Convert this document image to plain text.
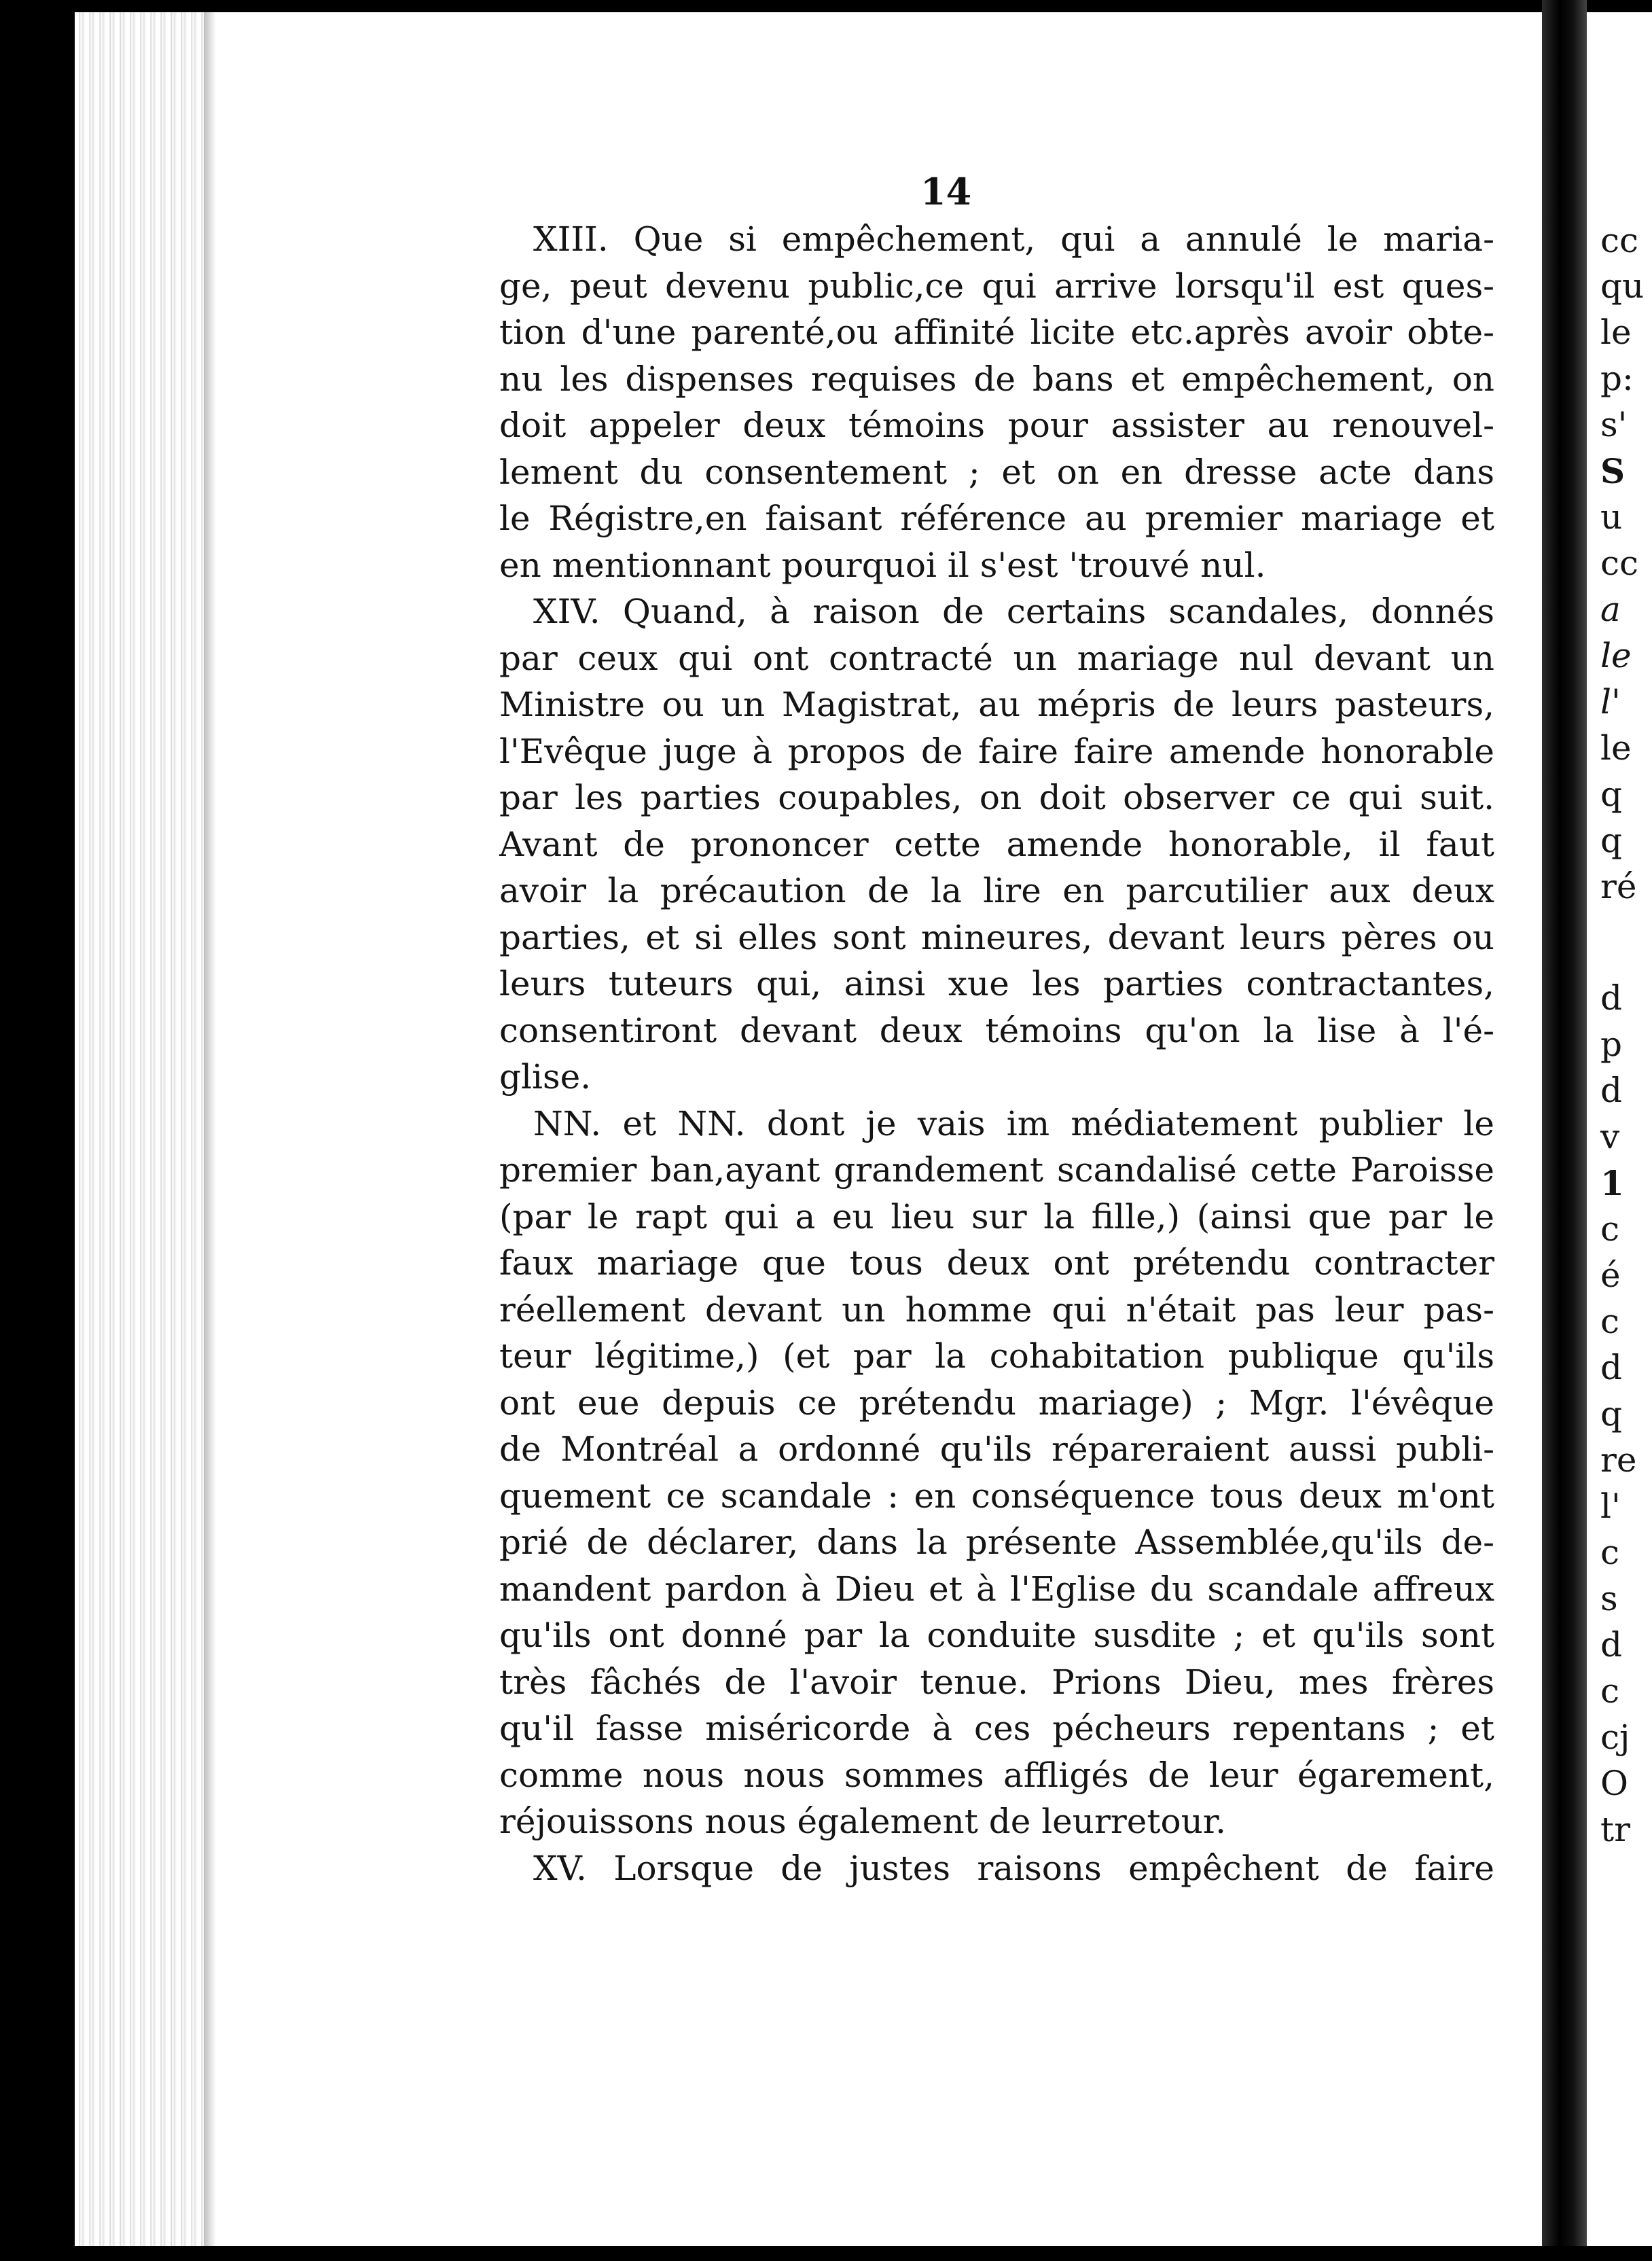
14
XIII. Que si empêchement, qui a annulé le maria-
ge, peut devenu public,ce qui arrive lorsqu'il est ques-
tion d'une parenté,ou affinité licite etc.après avoir obte-
nu les dispenses requises de bans et empêchement, on
doit appeler deux témoins pour assister au renouvel-
lement du consentement ; et on en dresse acte dans
le Régistre,en faisant référence au premier mariage et
en mentionnant pourquoi il s'est 'trouvé nul.
XIV. Quand, à raison de certains scandales, donnés
par ceux qui ont contracté un mariage nul devant un
Ministre ou un Magistrat, au mépris de leurs pasteurs,
l'Evêque juge à propos de faire faire amende honorable
par les parties coupables, on doit observer ce qui suit.
Avant de prononcer cette amende honorable, il faut
avoir la précaution de la lire en parcutilier aux deux
parties, et si elles sont mineures, devant leurs pères ou
leurs tuteurs qui, ainsi xue les parties contractantes,
consentiront devant deux témoins qu'on la lise à l'é-
glise.
NN. et NN. dont je vais im médiatement publier le
premier ban,ayant grandement scandalisé cette Paroisse
(par le rapt qui a eu lieu sur la fille,) (ainsi que par le
faux mariage que tous deux ont prétendu contracter
réellement devant un homme qui n'était pas leur pas-
teur légitime,) (et par la cohabitation publique qu'ils
ont eue depuis ce prétendu mariage) ; Mgr. l'évêque
de Montréal a ordonné qu'ils répareraient aussi publi-
quement ce scandale : en conséquence tous deux m'ont
prié de déclarer, dans la présente Assemblée,qu'ils de-
mandent pardon à Dieu et à l'Eglise du scandale affreux
qu'ils ont donné par la conduite susdite ; et qu'ils sont
très fâchés de l'avoir tenue. Prions Dieu, mes frères
qu'il fasse miséricorde à ces pécheurs repentans ; et
comme nous nous sommes affligés de leur égarement,
réjouissons nous également de leurretour.
XV. Lorsque de justes raisons empêchent de faire
cc
qu
le
p:
s'
S
u
cc
a
le
l'
le
q
q
ré
d
p
d
v
1
c
é
c
d
q
re
l'
c
s
d
c
cj
O
tr
